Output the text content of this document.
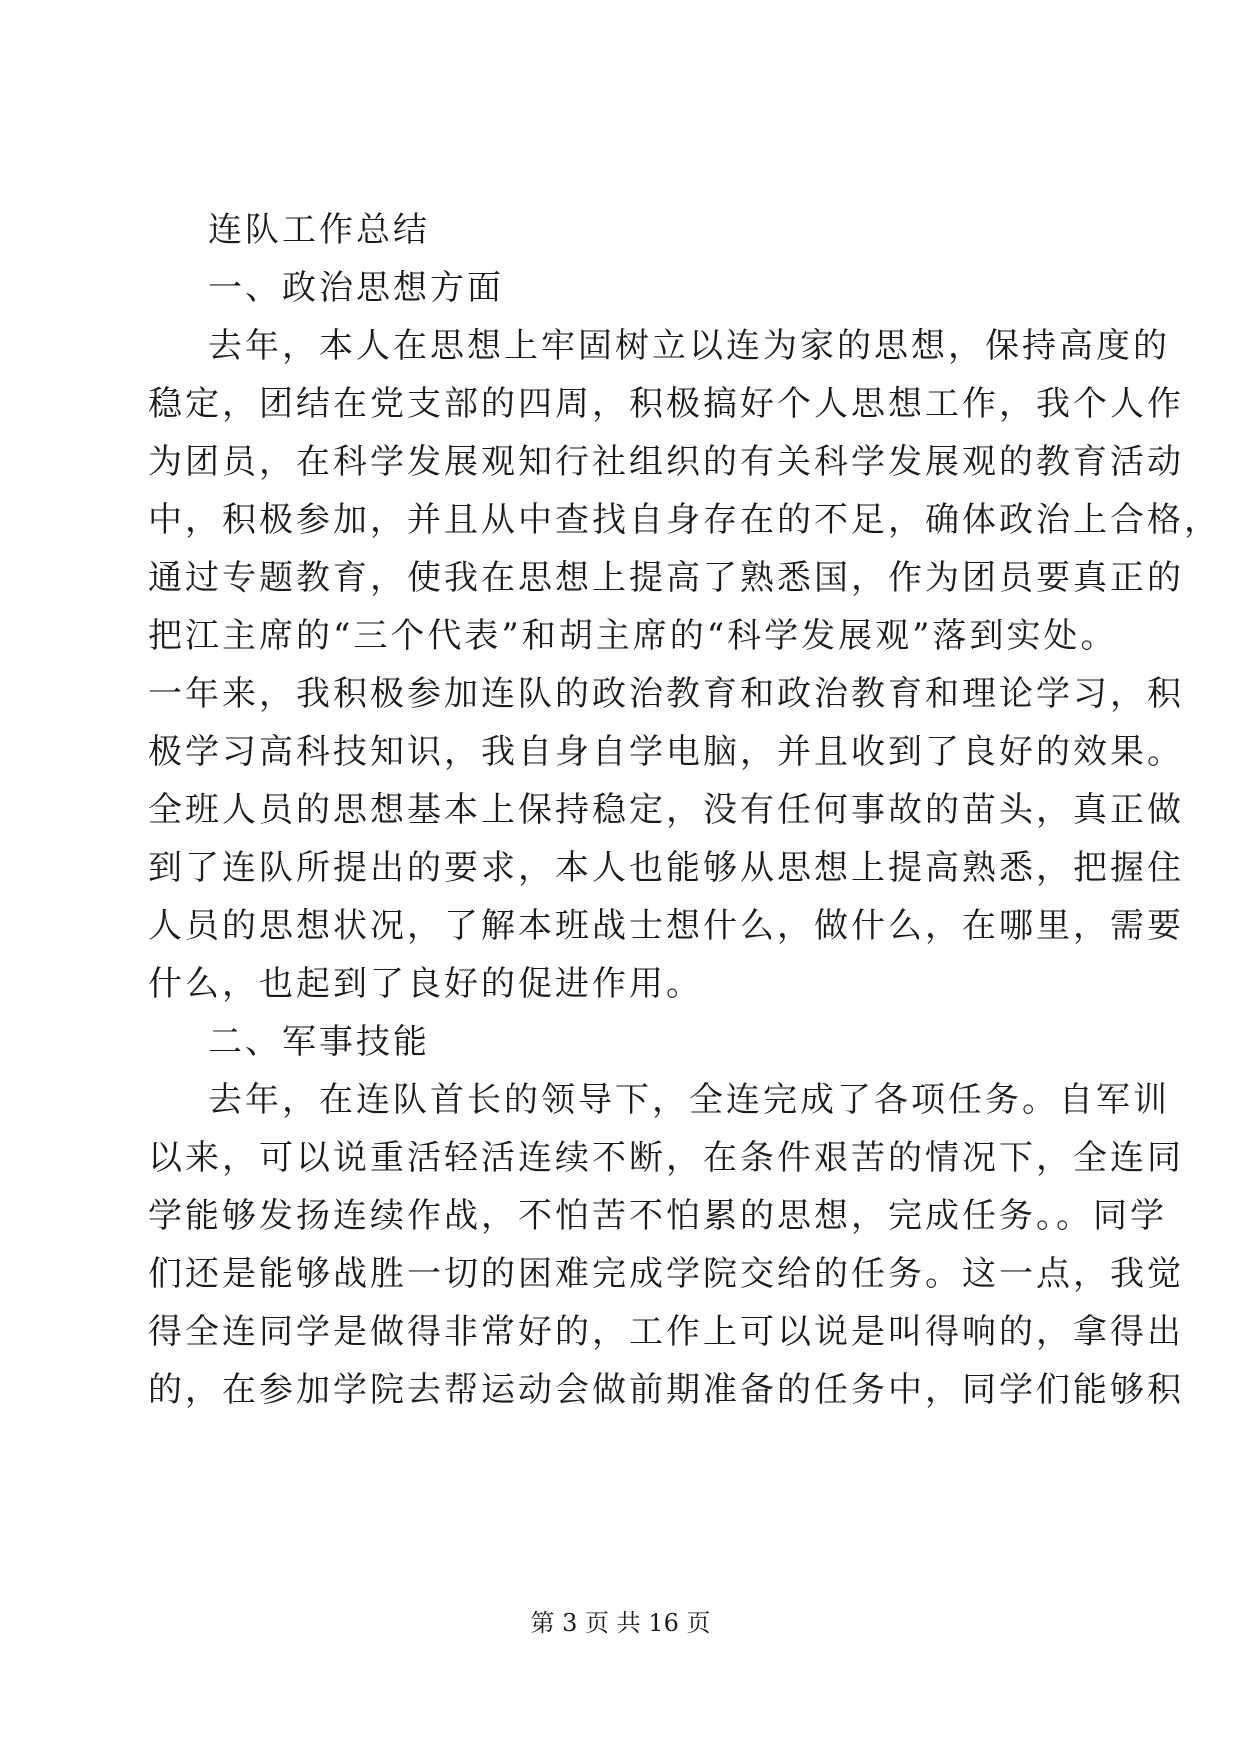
连队工作总结
一、政治思想方面
去年，本人在思想上牢固树立以连为家的思想，保持高度的
稳定，团结在党支部的四周，积极搞好个人思想工作，我个人作
为团员，在科学发展观知行社组织的有关科学发展观的教育活动
中，积极参加，并且从中查找自身存在的不足，确体政治上合格，
通过专题教育，使我在思想上提高了熟悉国，作为团员要真正的
把江主席的“三个代表”和胡主席的“科学发展观”落到实处。
一年来，我积极参加连队的政治教育和政治教育和理论学习，积
极学习高科技知识，我自身自学电脑，并且收到了良好的效果。
全班人员的思想基本上保持稳定，没有任何事故的苗头，真正做
到了连队所提出的要求，本人也能够从思想上提高熟悉，把握住
人员的思想状况，了解本班战士想什么，做什么，在哪里，需要
什么，也起到了良好的促进作用。
二、军事技能
去年，在连队首长的领导下，全连完成了各项任务。自军训
以来，可以说重活轻活连续不断，在条件艰苦的情况下，全连同
学能够发扬连续作战，不怕苦不怕累的思想，完成任务。。同学
们还是能够战胜一切的困难完成学院交给的任务。这一点，我觉
得全连同学是做得非常好的，工作上可以说是叫得响的，拿得出
的，在参加学院去帮运动会做前期准备的任务中，同学们能够积
第 3 页 共 16 页
